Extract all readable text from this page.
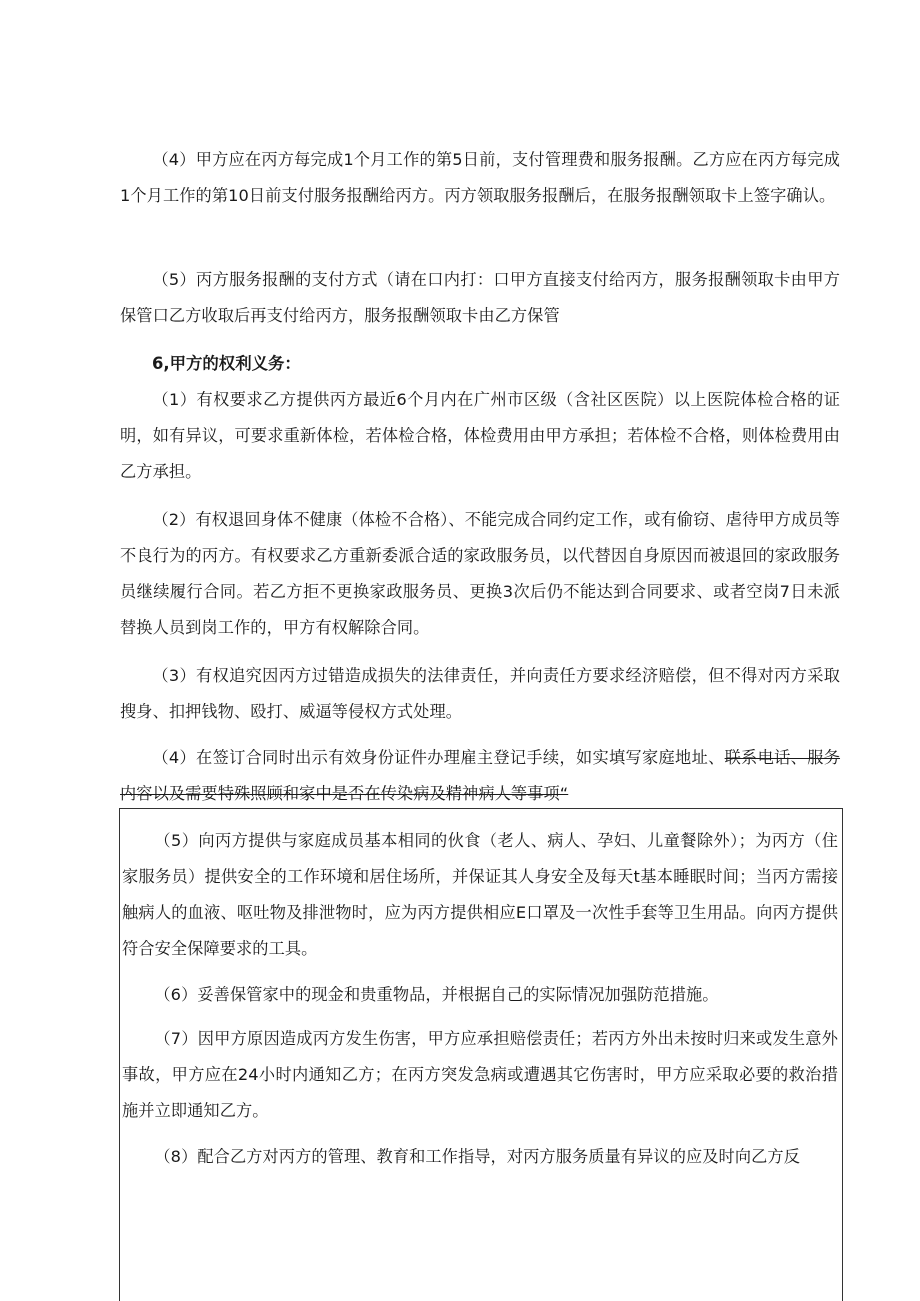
（4）甲方应在丙方每完成1个月工作的第5日前，支付管理费和服务报酬。乙方应在丙方每完成1个月工作的第10日前支付服务报酬给丙方。丙方领取服务报酬后，在服务报酬领取卡上签字确认。

（5）丙方服务报酬的支付方式（请在口内打：口甲方直接支付给丙方，服务报酬领取卡由甲方保管口乙方收取后再支付给丙方，服务报酬领取卡由乙方保管

6,甲方的权利义务：

（1）有权要求乙方提供丙方最近6个月内在广州市区级（含社区医院）以上医院体检合格的证明，如有异议，可要求重新体检，若体检合格，体检费用由甲方承担；若体检不合格，则体检费用由乙方承担。

（2）有权退回身体不健康（体检不合格）、不能完成合同约定工作，或有偷窃、虐待甲方成员等不良行为的丙方。有权要求乙方重新委派合适的家政服务员，以代替因自身原因而被退回的家政服务员继续履行合同。若乙方拒不更换家政服务员、更换3次后仍不能达到合同要求、或者空岗7日未派替换人员到岗工作的，甲方有权解除合同。

（3）有权追究因丙方过错造成损失的法律责任，并向责任方要求经济赔偿，但不得对丙方采取搜身、扣押钱物、殴打、威逼等侵权方式处理。

（4）在签订合同时出示有效身份证件办理雇主登记手续，如实填写家庭地址、联系电话、服务内容以及需要特殊照顾和家中是否在传染病及精神病人等事项“

（5）向丙方提供与家庭成员基本相同的伙食（老人、病人、孕妇、儿童餐除外）；为丙方（住家服务员）提供安全的工作环境和居住场所，并保证其人身安全及每天t基本睡眠时间；当丙方需接触病人的血液、呕吐物及排泄物时，应为丙方提供相应E口罩及一次性手套等卫生用品。向丙方提供符合安全保障要求的工具。

（6）妥善保管家中的现金和贵重物品，并根据自己的实际情况加强防范措施。

（7）因甲方原因造成丙方发生伤害，甲方应承担赔偿责任；若丙方外出未按时归来或发生意外事故，甲方应在24小时内通知乙方；在丙方突发急病或遭遇其它伤害时，甲方应采取必要的救治措施并立即通知乙方。

（8）配合乙方对丙方的管理、教育和工作指导，对丙方服务质量有异议的应及时向乙方反
